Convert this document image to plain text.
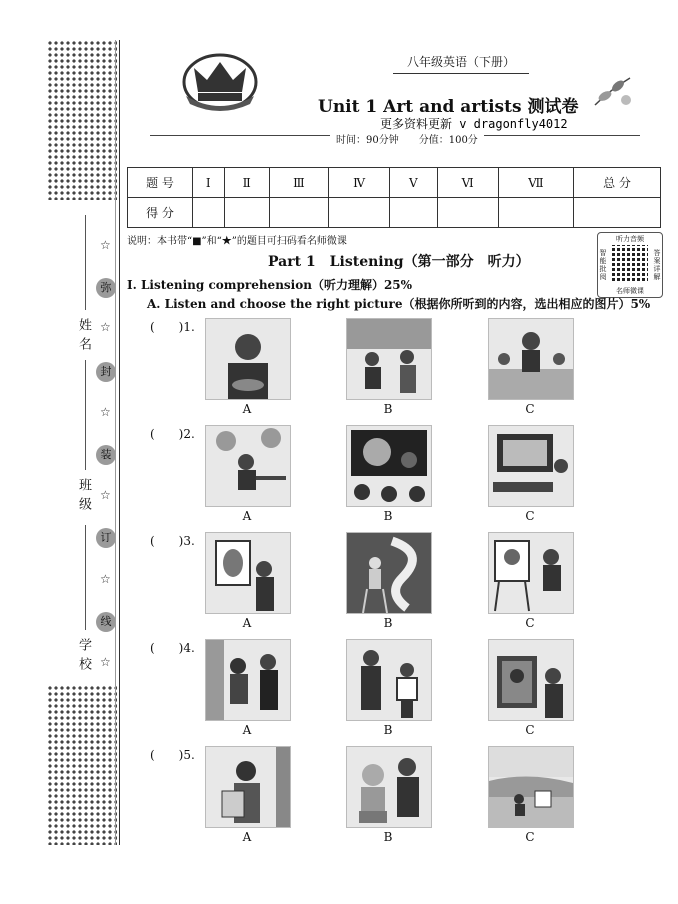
姓名
班级
学校
☆
弥
☆
封
☆
装
☆
订
☆
线
☆
八年级英语（下册）
Unit 1 Art and artists 测试卷
更多资料更新 v dragonfly4012
时间：90分钟　　分值：100分
题 号	Ⅰ	Ⅱ	Ⅲ	Ⅳ	Ⅴ	Ⅵ	Ⅶ	总 分
得 分								
说明：本书带“■”和“★”的题目可扫码看名师微课	听力音频
智能批阅
答案详解
名师微课
Part 1　Listening（第一部分　听力）
Ⅰ. Listening comprehension（听力理解）25%
A. Listen and choose the right picture（根据你所听到的内容，选出相应的图片）5%
(　　)1.
A	B	C
(　　)2.
A	B	C
(　　)3.
A	B	C
(　　)4.
A	B	C
(　　)5.
A	B	C
